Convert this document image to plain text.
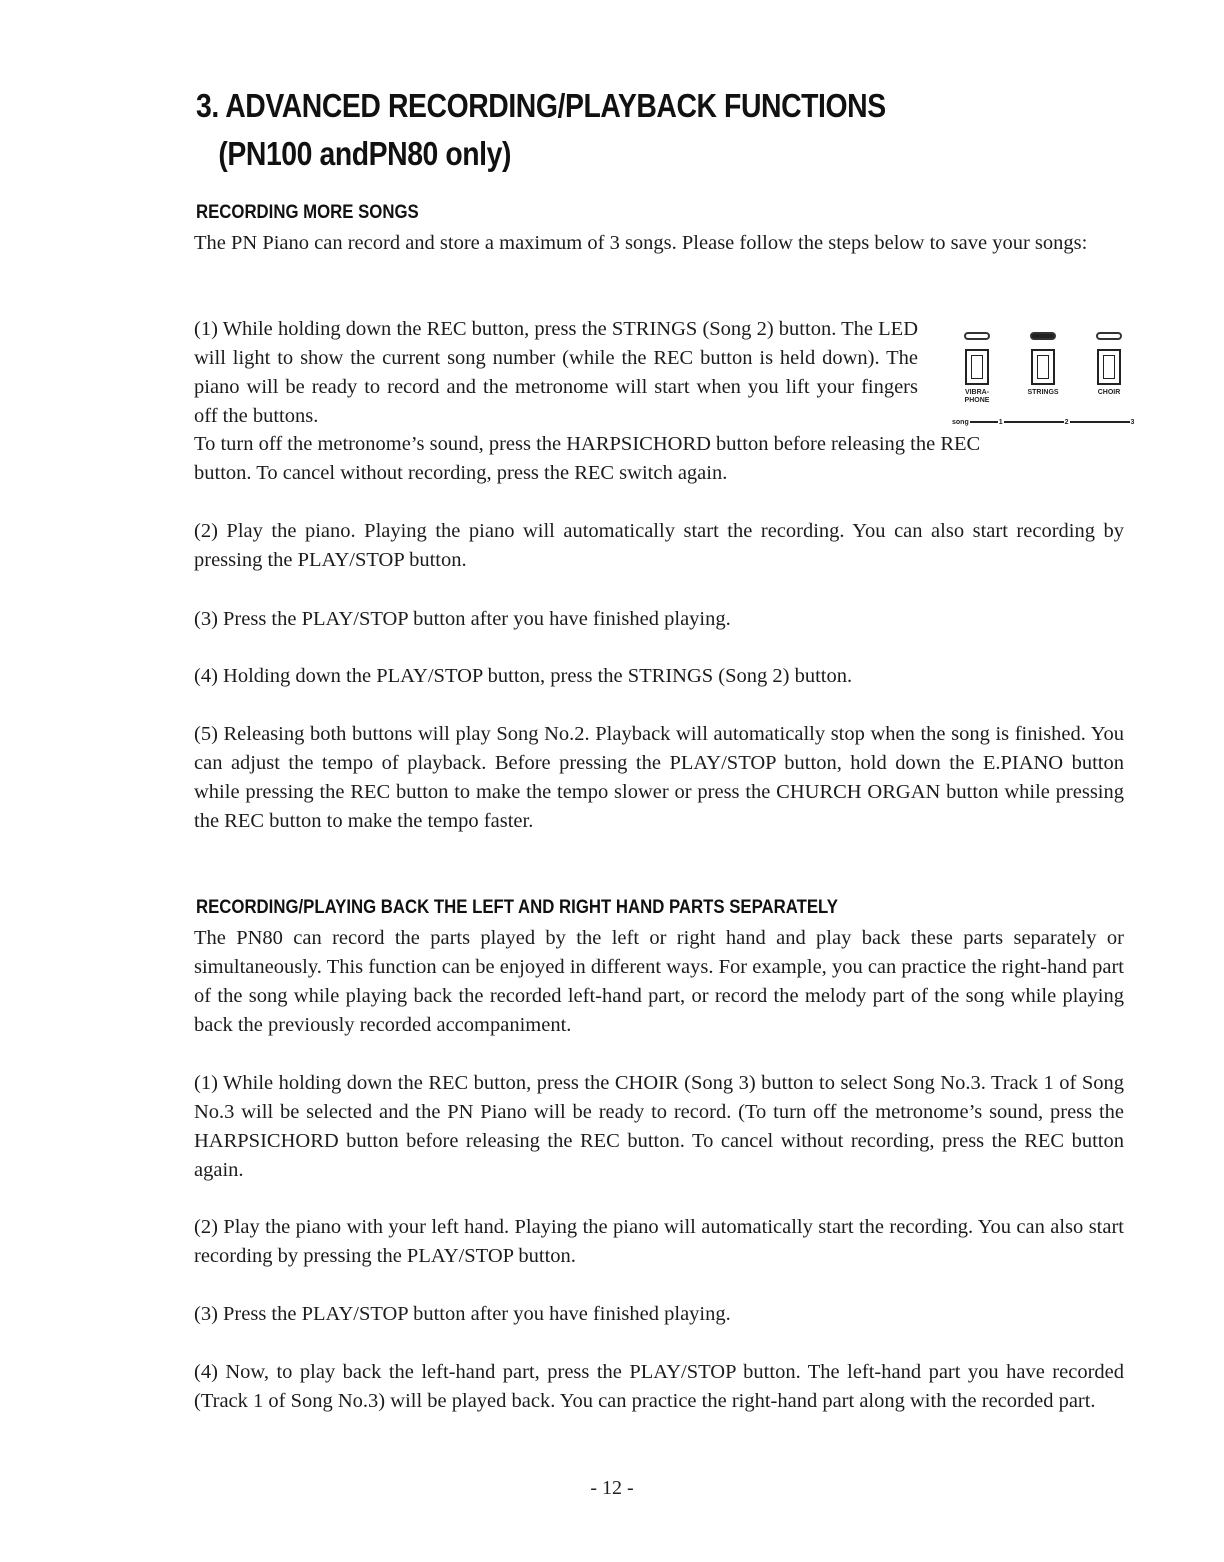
3. ADVANCED RECORDING/PLAYBACK FUNCTIONS
(PN100 andPN80 only)
RECORDING MORE SONGS

The PN Piano can record and store a maximum of 3 songs. Please follow the steps below to save your songs:

(1) While holding down the REC button, press the STRINGS (Song 2) button. The LED will light to show the current song number (while the REC button is held down). The piano will be ready to record and the metronome will start when you lift your fingers off the buttons.

VIBRA-
PHONE
STRINGS	CHOIR
song	1	2	3

To turn off the metronome’s sound, press the HARPSICHORD button before releasing the REC button. To cancel without recording, press the REC switch again.

(2) Play the piano. Playing the piano will automatically start the recording. You can also start recording by pressing the PLAY/STOP button.

(3) Press the PLAY/STOP button after you have finished playing.

(4) Holding down the PLAY/STOP button, press the STRINGS (Song 2) button.

(5) Releasing both buttons will play Song No.2. Playback will automatically stop when the song is finished. You can adjust the tempo of playback. Before pressing the PLAY/STOP button, hold down the E.PIANO button while pressing the REC button to make the tempo slower or press the CHURCH ORGAN button while pressing the REC button to make the tempo faster.

RECORDING/PLAYING BACK THE LEFT AND RIGHT HAND PARTS SEPARATELY

The PN80 can record the parts played by the left or right hand and play back these parts separately or simultaneously. This function can be enjoyed in different ways. For example, you can practice the right-hand part of the song while playing back the recorded left-hand part, or record the melody part of the song while playing back the previously recorded accompaniment.

(1) While holding down the REC button, press the CHOIR (Song 3) button to select Song No.3. Track 1 of Song No.3 will be selected and the PN Piano will be ready to record. (To turn off the metronome’s sound, press the HARPSICHORD button before releasing the REC button. To cancel without recording, press the REC button again.

(2) Play the piano with your left hand. Playing the piano will automatically start the recording. You can also start recording by pressing the PLAY/STOP button.

(3) Press the PLAY/STOP button after you have finished playing.

(4) Now, to play back the left-hand part, press the PLAY/STOP button. The left-hand part you have recorded (Track 1 of Song No.3) will be played back. You can practice the right-hand part along with the recorded part.

- 12 -
